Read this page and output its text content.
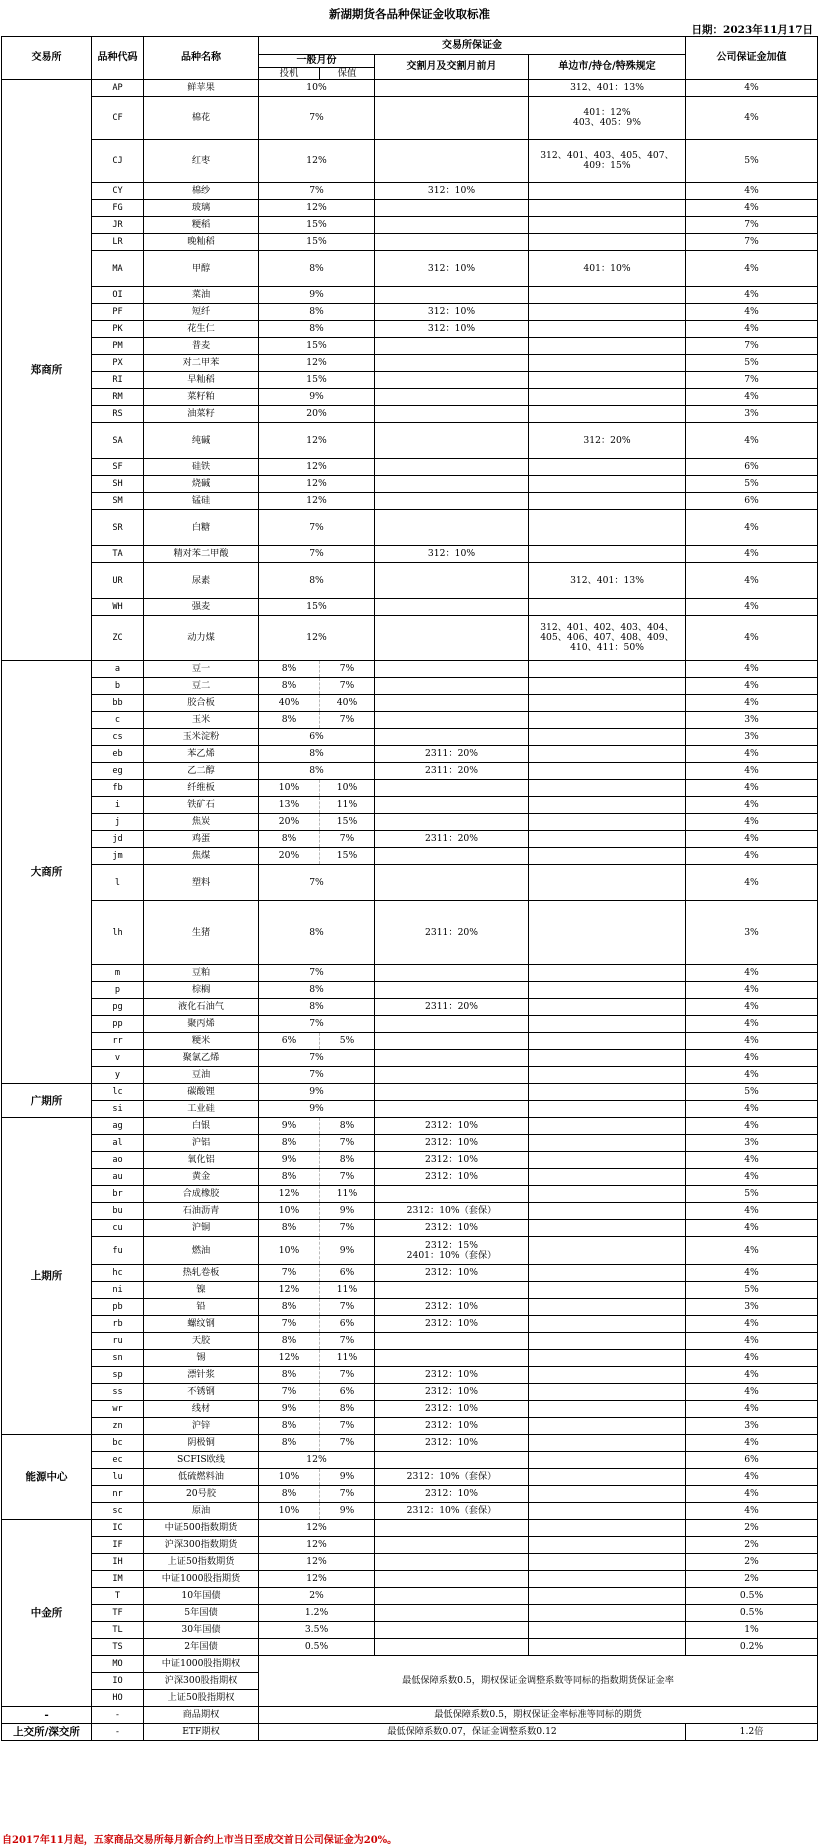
新湖期货各品种保证金收取标准
日期：2023年11月17日
交易所	品种代码	品种名称	交易所保证金				公司保证金加值
			一般月份		交割月及交割月前月	单边市/持仓/特殊规定	
			投机	保值			
郑商所	AP	鲜苹果	10%			312、401：13%	4%
	CF	棉花	7%			401：12%
403、405：9%	4%
	CJ	红枣	12%			312、401、403、405、407、
409：15%	5%
	CY	棉纱	7%		312：10%		4%
	FG	玻璃	12%				4%
	JR	粳稻	15%				7%
	LR	晚籼稻	15%				7%
	MA	甲醇	8%		312：10%	401：10%	4%
	OI	菜油	9%				4%
	PF	短纤	8%		312：10%		4%
	PK	花生仁	8%		312：10%		4%
	PM	普麦	15%				7%
	PX	对二甲苯	12%				5%
	RI	早籼稻	15%				7%
	RM	菜籽粕	9%				4%
	RS	油菜籽	20%				3%
	SA	纯碱	12%			312：20%	4%
	SF	硅铁	12%				6%
	SH	烧碱	12%				5%
	SM	锰硅	12%				6%
	SR	白糖	7%				4%
	TA	精对苯二甲酸	7%		312：10%		4%
	UR	尿素	8%			312、401：13%	4%
	WH	强麦	15%				4%
	ZC	动力煤	12%			312、401、402、403、404、
405、406、407、408、409、
410、411：50%	4%
大商所	a	豆一	8%	7%			4%
	b	豆二	8%	7%			4%
	bb	胶合板	40%	40%			4%
	c	玉米	8%	7%			3%
	cs	玉米淀粉	6%				3%
	eb	苯乙烯	8%		2311：20%		4%
	eg	乙二醇	8%		2311：20%		4%
	fb	纤维板	10%	10%			4%
	i	铁矿石	13%	11%			4%
	j	焦炭	20%	15%			4%
	jd	鸡蛋	8%	7%	2311：20%		4%
	jm	焦煤	20%	15%			4%
	l	塑料	7%				4%
	lh	生猪	8%		2311：20%		3%
	m	豆粕	7%				4%
	p	棕榈	8%				4%
	pg	液化石油气	8%		2311：20%		4%
	pp	聚丙烯	7%				4%
	rr	粳米	6%	5%			4%
	v	聚氯乙烯	7%				4%
	y	豆油	7%				4%
广期所	lc	碳酸锂	9%				5%
	si	工业硅	9%				4%
上期所	ag	白银	9%	8%	2312：10%		4%
	al	沪铝	8%	7%	2312：10%		3%
	ao	氧化铝	9%	8%	2312：10%		4%
	au	黄金	8%	7%	2312：10%		4%
	br	合成橡胶	12%	11%			5%
	bu	石油沥青	10%	9%	2312：10%（套保）		4%
	cu	沪铜	8%	7%	2312：10%		4%
	fu	燃油	10%	9%	2312：15%
2401：10%（套保）		4%
	hc	热轧卷板	7%	6%	2312：10%		4%
	ni	镍	12%	11%			5%
	pb	铅	8%	7%	2312：10%		3%
	rb	螺纹钢	7%	6%	2312：10%		4%
	ru	天胶	8%	7%			4%
	sn	锡	12%	11%			4%
	sp	漂针浆	8%	7%	2312：10%		4%
	ss	不锈钢	7%	6%	2312：10%		4%
	wr	线材	9%	8%	2312：10%		4%
	zn	沪锌	8%	7%	2312：10%		3%
能源中心	bc	阴极铜	8%	7%	2312：10%		4%
	ec	SCFIS欧线	12%				6%
	lu	低硫燃料油	10%	9%	2312：10%（套保）		4%
	nr	20号胶	8%	7%	2312：10%		4%
	sc	原油	10%	9%	2312：10%（套保）		4%
中金所	IC	中证500指数期货	12%				2%
	IF	沪深300指数期货	12%				2%
	IH	上证50指数期货	12%				2%
	IM	中证1000股指期货	12%				2%
	T	10年国债	2%				0.5%
	TF	5年国债	1.2%				0.5%
	TL	30年国债	3.5%				1%
	TS	2年国债	0.5%				0.2%
	MO	中证1000股指期权	最低保障系数0.5，期权保证金调整系数等同标的指数期货保证金率				
	IO	沪深300股指期权					
	HO	上证50股指期权					
-	-	商品期权	最低保障系数0.5，期权保证金率标准等同标的期货				
上交所/深交所	-	ETF期权	最低保障系数0.07，保证金调整系数0.12				1.2倍
自2017年11月起，五家商品交易所每月新合约上市当日至成交首日公司保证金为20%。
